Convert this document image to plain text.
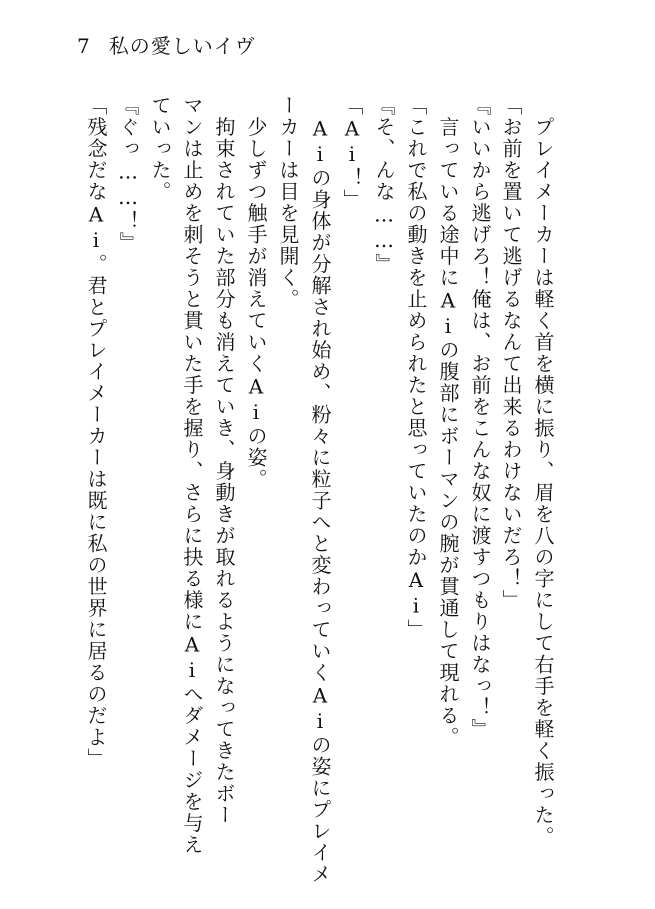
7 私の愛しいイヴ
　プレイメーカーは軽く首を横に振り、眉を八の字にして右手を軽く振った。
「お前を置いて逃げるなんて出来るわけないだろ！」
『いいから逃げろ！俺は、お前をこんな奴に渡すつもりはなっ！』
　言っている途中にAiの腹部にボーマンの腕が貫通して現れる。
「これで私の動きを止められたと思っていたのかAi」
『そ、んな……』
「Ai！」
　Aiの身体が分解され始め、粉々に粒子へと変わっていくAiの姿にプレイメ
ーカーは目を見開く。
　少しずつ触手が消えていくAiの姿。
　拘束されていた部分も消えていき、身動きが取れるようになってきたボー
マンは止めを刺そうと貫いた手を握り、さらに抉る様にAiへダメージを与え
ていった。
『ぐっ……！』
「残念だなAi。君とプレイメーカーは既に私の世界に居るのだよ」
